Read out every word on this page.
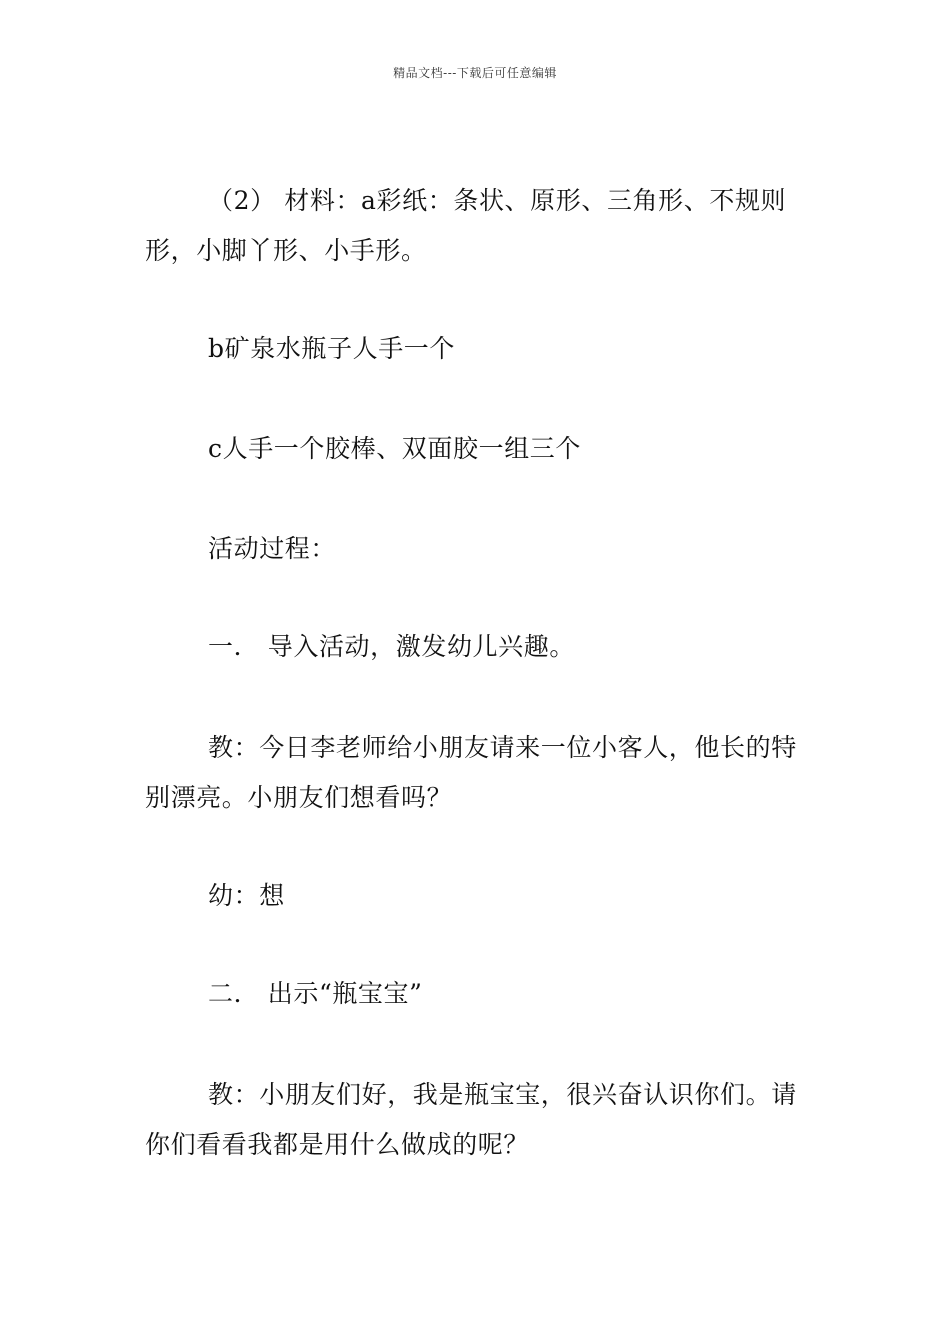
精品文档---下载后可任意编辑

（2） 材料：a彩纸：条状、原形、三角形、不规则形，小脚丫形、小手形。

b矿泉水瓶子人手一个

c人手一个胶棒、双面胶一组三个

活动过程：

一． 导入活动，激发幼儿兴趣。

教：今日李老师给小朋友请来一位小客人，他长的特别漂亮。小朋友们想看吗？

幼：想

二． 出示“瓶宝宝”

教：小朋友们好，我是瓶宝宝，很兴奋认识你们。请你们看看我都是用什么做成的呢？
